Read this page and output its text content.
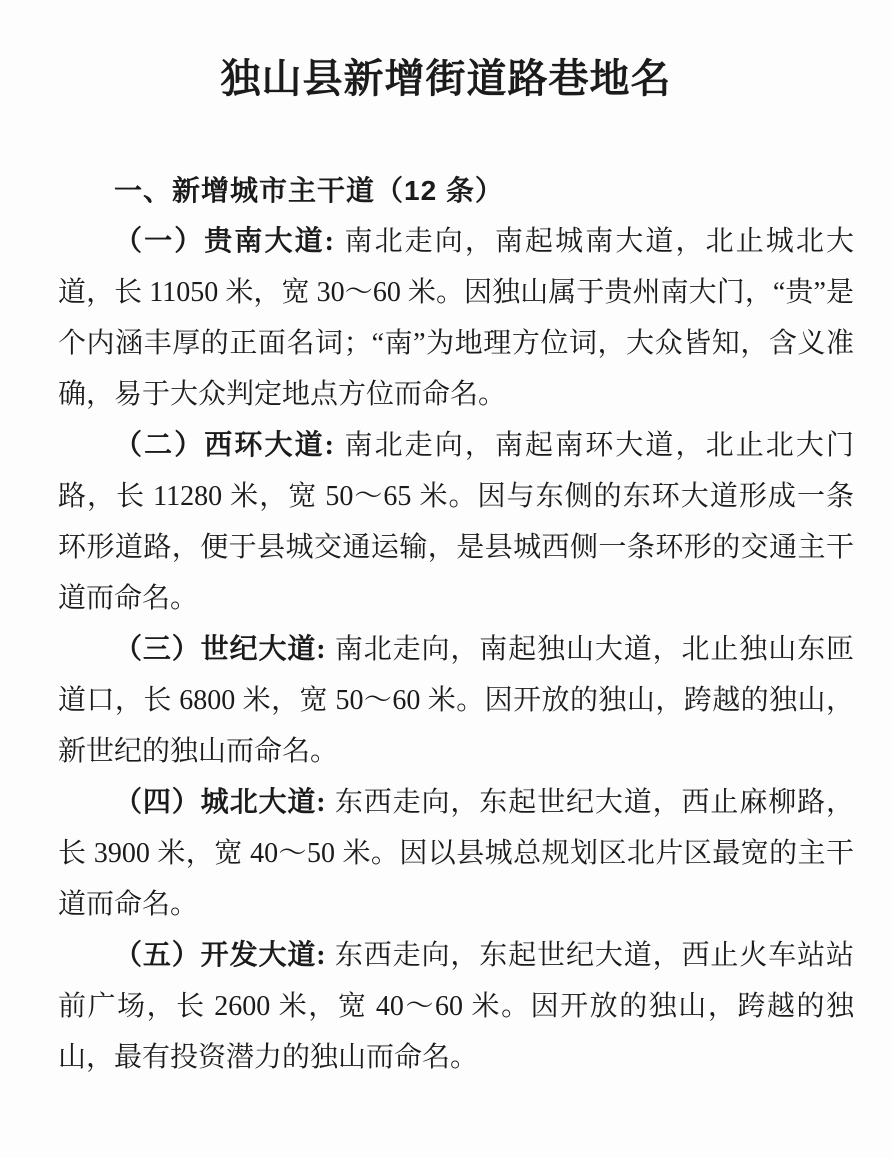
独山县新增街道路巷地名
一、新增城市主干道（12 条）

（一）贵南大道: 南北走向，南起城南大道，北止城北大道，长 11050 米，宽 30～60 米。因独山属于贵州南大门，“贵”是个内涵丰厚的正面名词；“南”为地理方位词，大众皆知，含义准确，易于大众判定地点方位而命名。

（二）西环大道: 南北走向，南起南环大道，北止北大门路，长 11280 米，宽 50～65 米。因与东侧的东环大道形成一条环形道路，便于县城交通运输，是县城西侧一条环形的交通主干道而命名。

（三）世纪大道: 南北走向，南起独山大道，北止独山东匝道口，长 6800 米，宽 50～60 米。因开放的独山，跨越的独山，新世纪的独山而命名。

（四）城北大道: 东西走向，东起世纪大道，西止麻柳路，长 3900 米，宽 40～50 米。因以县城总规划区北片区最宽的主干道而命名。

（五）开发大道: 东西走向，东起世纪大道，西止火车站站前广场，长 2600 米，宽 40～60 米。因开放的独山，跨越的独山，最有投资潜力的独山而命名。
